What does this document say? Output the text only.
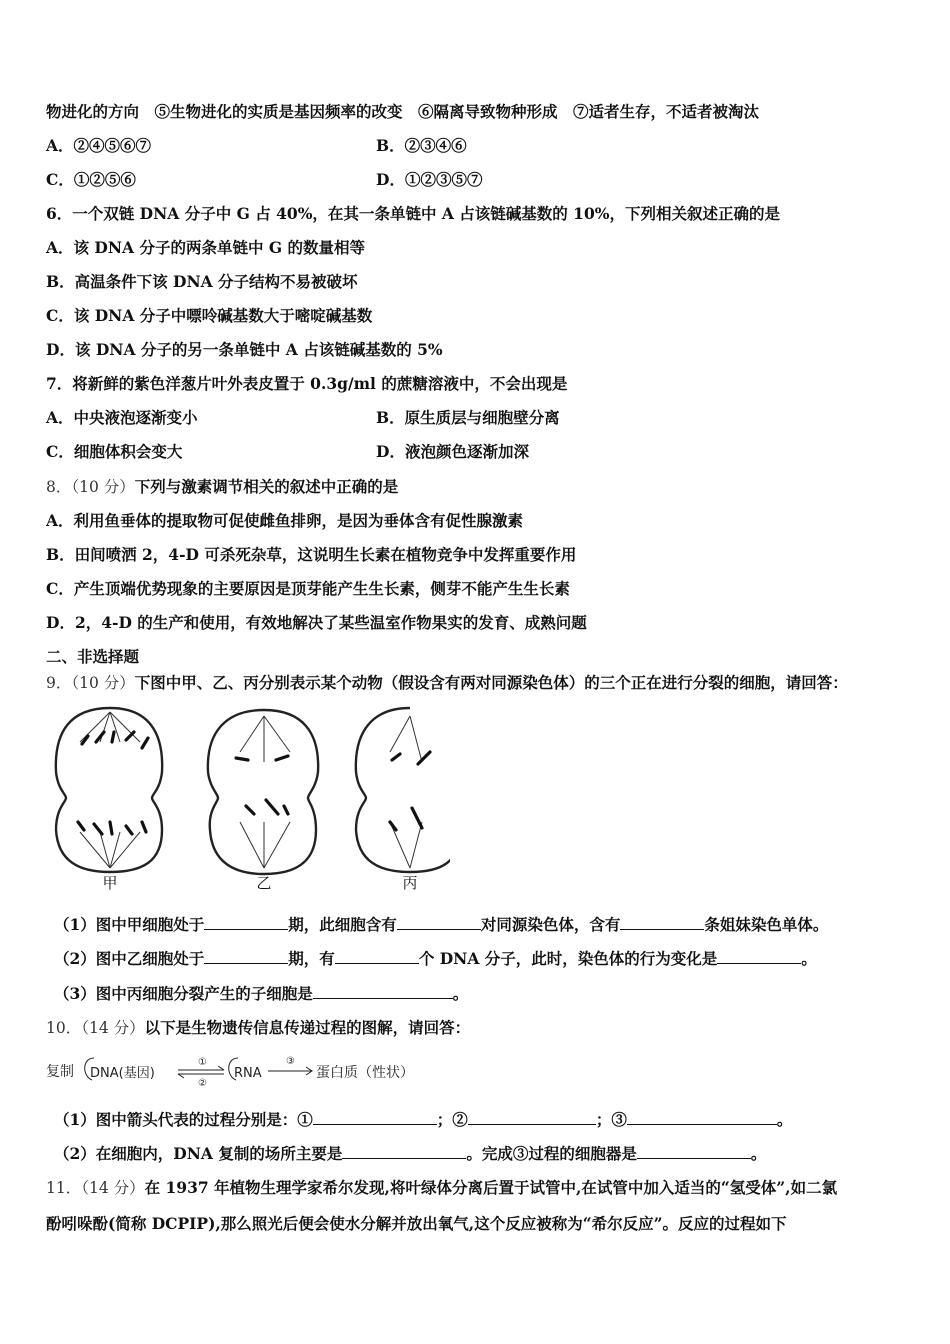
物进化的方向　⑤生物进化的实质是基因频率的改变　⑥隔离导致物种形成　⑦适者生存，不适者被淘汰
A．②④⑤⑥⑦	B．②③④⑥
C．①②⑤⑥	D．①②③⑤⑦
6．一个双链 DNA 分子中 G 占 40%，在其一条单链中 A 占该链碱基数的 10%，下列相关叙述正确的是
A．该 DNA 分子的两条单链中 G 的数量相等
B．高温条件下该 DNA 分子结构不易被破坏
C．该 DNA 分子中嘌呤碱基数大于嘧啶碱基数
D．该 DNA 分子的另一条单链中 A 占该链碱基数的 5%
7．将新鲜的紫色洋葱片叶外表皮置于 0.3g/ml 的蔗糖溶液中，不会出现是
A．中央液泡逐渐变小	B．原生质层与细胞壁分离
C．细胞体积会变大	D．液泡颜色逐渐加深
8．（10 分）下列与激素调节相关的叙述中正确的是
A．利用鱼垂体的提取物可促使雌鱼排卵，是因为垂体含有促性腺激素
B．田间喷洒 2，4-D 可杀死杂草，这说明生长素在植物竞争中发挥重要作用
C．产生顶端优势现象的主要原因是顶芽能产生生长素，侧芽不能产生生长素
D．2，4-D 的生产和使用，有效地解决了某些温室作物果实的发育、成熟问题
二、非选择题
9．（10 分）下图中甲、乙、丙分别表示某个动物（假设含有两对同源染色体）的三个正在进行分裂的细胞，请回答：
甲	乙	丙
（1）图中甲细胞处于	期，此细胞含有	对同源染色体，含有	条姐妹染色单体。
（2）图中乙细胞处于	期，有	个 DNA 分子，此时，染色体的行为变化是	。
（3）图中丙细胞分裂产生的子细胞是	。
10．（14 分）以下是生物遗传信息传递过程的图解，请回答：
复制 DNA(基因)
①
②
RNA
③
蛋白质（性状）
（1）图中箭头代表的过程分别是：①	；②	；③	。
（2）在细胞内，DNA 复制的场所主要是	。完成③过程的细胞器是	。
11．（14 分）在 1937 年植物生理学家希尔发现,将叶绿体分离后置于试管中,在试管中加入适当的“氢受体”,如二氯
酚吲哚酚(简称 DCPIP),那么照光后便会使水分解并放出氧气,这个反应被称为“希尔反应”。反应的过程如下
